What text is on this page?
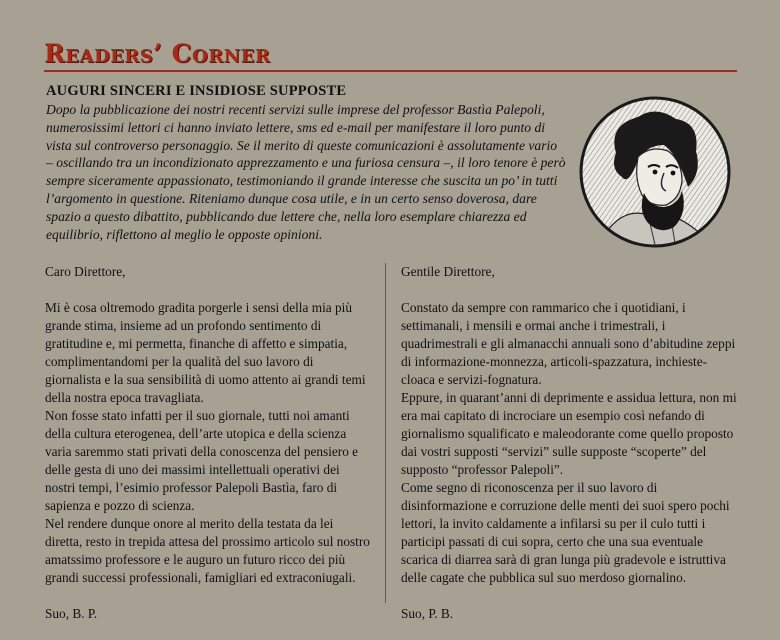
Readers’ Corner
AUGURI SINCERI E INSIDIOSE SUPPOSTE
Dopo la pubblicazione dei nostri recenti servizi sulle imprese del professor Bastìa Palepoli, numerosissimi lettori ci hanno inviato lettere, sms ed e-mail per manifestare il loro punto di vista sul controverso personaggio. Se il merito di queste comunicazioni è assolutamente vario – oscillando tra un incondizionato apprezzamento e una furiosa censura –, il loro tenore è però sempre siceramente appassionato, testimoniando il grande interesse che suscita un po’ in tutti l’argomento in questione. Riteniamo dunque cosa utile, e in un certo senso doverosa, dare spazio a questo dibattito, pubblicando due lettere che, nella loro esemplare chiarezza ed equilibrio, riflettono al meglio le opposte opinioni.

Caro Direttore,

Mi è cosa oltremodo gradita porgerle i sensi della mia più grande stima, insieme ad un profondo sentimento di gratitudine e, mi permetta, finanche di affetto e simpatia, complimentandomi per la qualità del suo lavoro di giornalista e la sua sensibilità di uomo attento ai grandi temi della nostra epoca travagliata.

Non fosse stato infatti per il suo giornale, tutti noi amanti della cultura eterogenea, dell’arte utopica e della scienza varia saremmo stati privati della conoscenza del pensiero e delle gesta di uno dei massimi intellettuali operativi dei nostri tempi, l’esimio professor Palepoli Bastìa, faro di sapienza e pozzo di scienza.

Nel rendere dunque onore al merito della testata da lei diretta, resto in trepida attesa del prossimo articolo sul nostro amatssimo professore e le auguro un futuro ricco dei più grandi successi professionali, famigliari ed extraconiugali.

Suo, B. P.

Gentile Direttore,

Constato da sempre con rammarico che i quotidiani, i settimanali, i mensili e ormai anche i trimestrali, i quadrimestrali e gli almanacchi annuali sono d’abitudine zeppi di informazione-monnezza, articoli-spazzatura, inchieste-cloaca e servizi-fognatura.

Eppure, in quarant’anni di deprimente e assidua lettura, non mi era mai capitato di incrociare un esempio così nefando di giornalismo squalificato e maleodorante come quello proposto dai vostri supposti “servizi” sulle supposte “scoperte” del supposto “professor Palepoli”.

Come segno di riconoscenza per il suo lavoro di disinformazione e corruzione delle menti dei suoi spero pochi lettori, la invito caldamente a infilarsi su per il culo tutti i participi passati di cui sopra, certo che una sua eventuale scarica di diarrea sarà di gran lunga più gradevole e istruttiva delle cagate che pubblica sul suo merdoso giornalino.

Suo, P. B.
